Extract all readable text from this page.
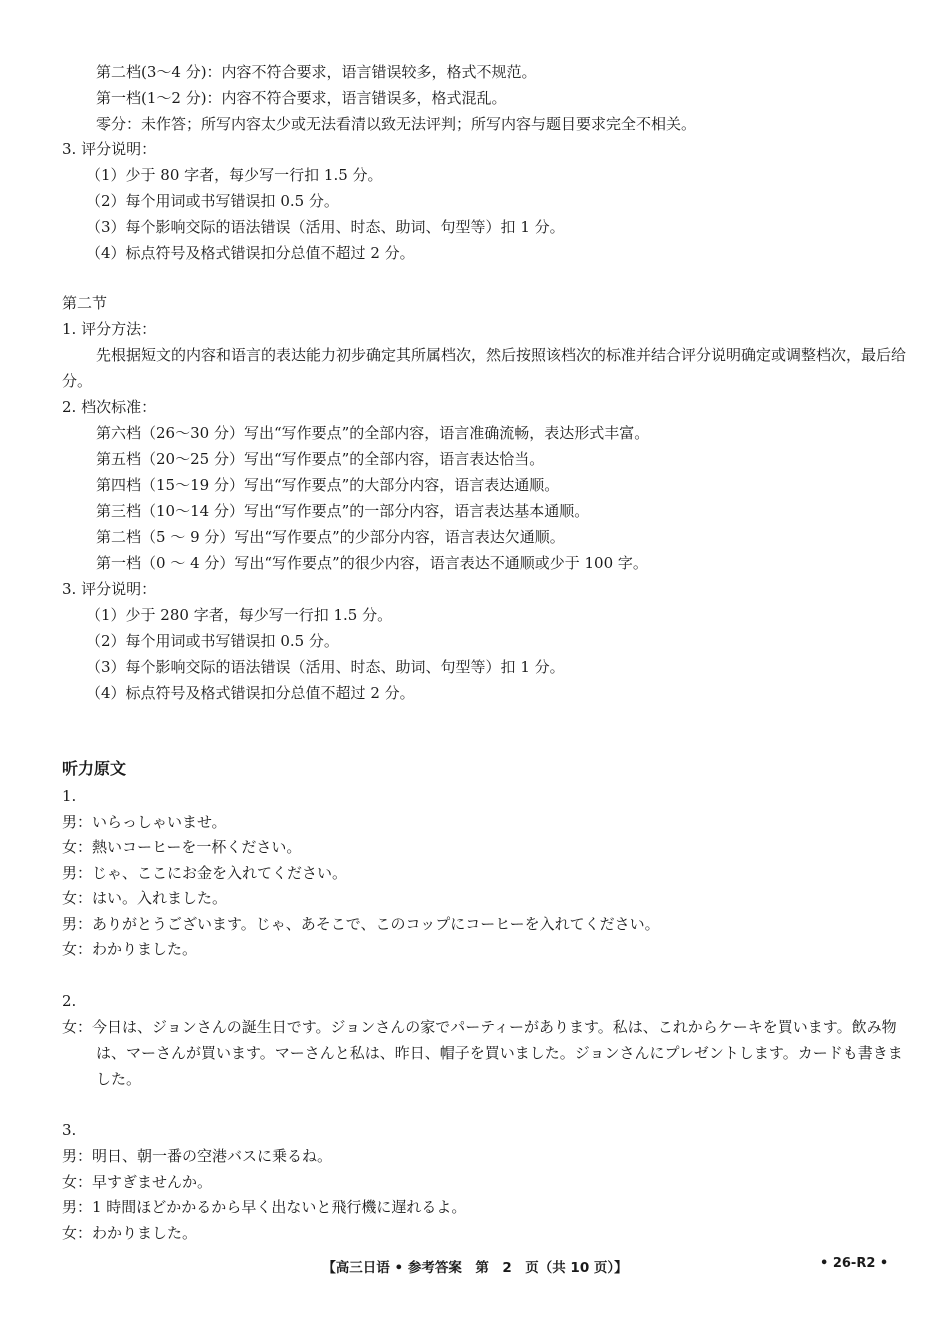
第二档(3～4 分)：内容不符合要求，语言错误较多，格式不规范。
第一档(1～2 分)：内容不符合要求，语言错误多，格式混乱。
零分：未作答；所写内容太少或无法看清以致无法评判；所写内容与题目要求完全不相关。
3. 评分说明：
（1）少于 80 字者，每少写一行扣 1.5 分。
（2）每个用词或书写错误扣 0.5 分。
（3）每个影响交际的语法错误（活用、时态、助词、句型等）扣 1 分。
（4）标点符号及格式错误扣分总值不超过 2 分。
第二节
1. 评分方法：
先根据短文的内容和语言的表达能力初步确定其所属档次，然后按照该档次的标准并结合评分说明确定或调整档次，最后给分。
2. 档次标准：
第六档（26～30 分）写出“写作要点”的全部内容，语言准确流畅，表达形式丰富。
第五档（20～25 分）写出“写作要点”的全部内容，语言表达恰当。
第四档（15～19 分）写出“写作要点”的大部分内容，语言表达通顺。
第三档（10～14 分）写出“写作要点”的一部分内容，语言表达基本通顺。
第二档（5 ～ 9 分）写出“写作要点”的少部分内容，语言表达欠通顺。
第一档（0 ～ 4 分）写出“写作要点”的很少内容，语言表达不通顺或少于 100 字。
3. 评分说明：
（1）少于 280 字者，每少写一行扣 1.5 分。
（2）每个用词或书写错误扣 0.5 分。
（3）每个影响交际的语法错误（活用、时态、助词、句型等）扣 1 分。
（4）标点符号及格式错误扣分总值不超过 2 分。
听力原文
1.
男：いらっしゃいませ。
女：熱いコーヒーを一杯ください。
男：じゃ、ここにお金を入れてください。
女：はい。入れました。
男：ありがとうございます。じゃ、あそこで、このコップにコーヒーを入れてください。
女：わかりました。
2.
女：今日は、ジョンさんの誕生日です。ジョンさんの家でパーティーがあります。私は、これからケーキを買います。飲み物は、マーさんが買います。マーさんと私は、昨日、帽子を買いました。ジョンさんにプレゼントします。カードも書きました。
3.
男：明日、朝一番の空港バスに乗るね。
女：早すぎませんか。
男：1 時間ほどかかるから早く出ないと飛行機に遅れるよ。
女：わかりました。
【高三日语 • 参考答案　第　2　页（共 10 页）】	• 26-R2 •
